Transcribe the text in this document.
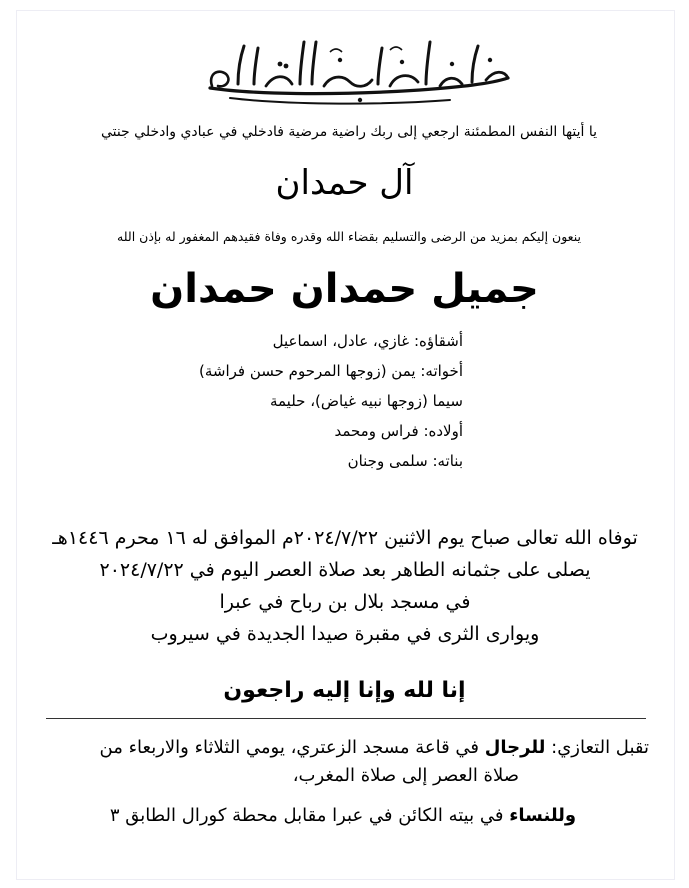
يا أيتها النفس المطمئنة ارجعي إلى ربك راضية مرضية فادخلي في عبادي وادخلي جنتي
آل حمدان
ينعون إليكم بمزيد من الرضى والتسليم بقضاء الله وقدره وفاة فقيدهم المغفور له بإذن الله
جميل حمدان حمدان
أشقاؤه: غازي، عادل، اسماعيل
أخواته: يمن (زوجها المرحوم حسن فراشة)
سيما (زوجها نبيه غياض)، حليمة
أولاده: فراس ومحمد
بناته: سلمى وجنان
توفاه الله تعالى صباح يوم الاثنين ٢٠٢٤/٧/٢٢م الموافق له ١٦ محرم ١٤٤٦هـ
يصلى على جثمانه الطاهر بعد صلاة العصر اليوم في ٢٠٢٤/٧/٢٢
في مسجد بلال بن رباح في عبرا
ويوارى الثرى في مقبرة صيدا الجديدة في سيروب
إنا لله وإنا إليه راجعون
تقبل التعازي: للرجال في قاعة مسجد الزعتري، يومي الثلاثاء والاربعاء من
صلاة العصر إلى صلاة المغرب،
وللنساء في بيته الكائن في عبرا مقابل محطة كورال الطابق ٣
